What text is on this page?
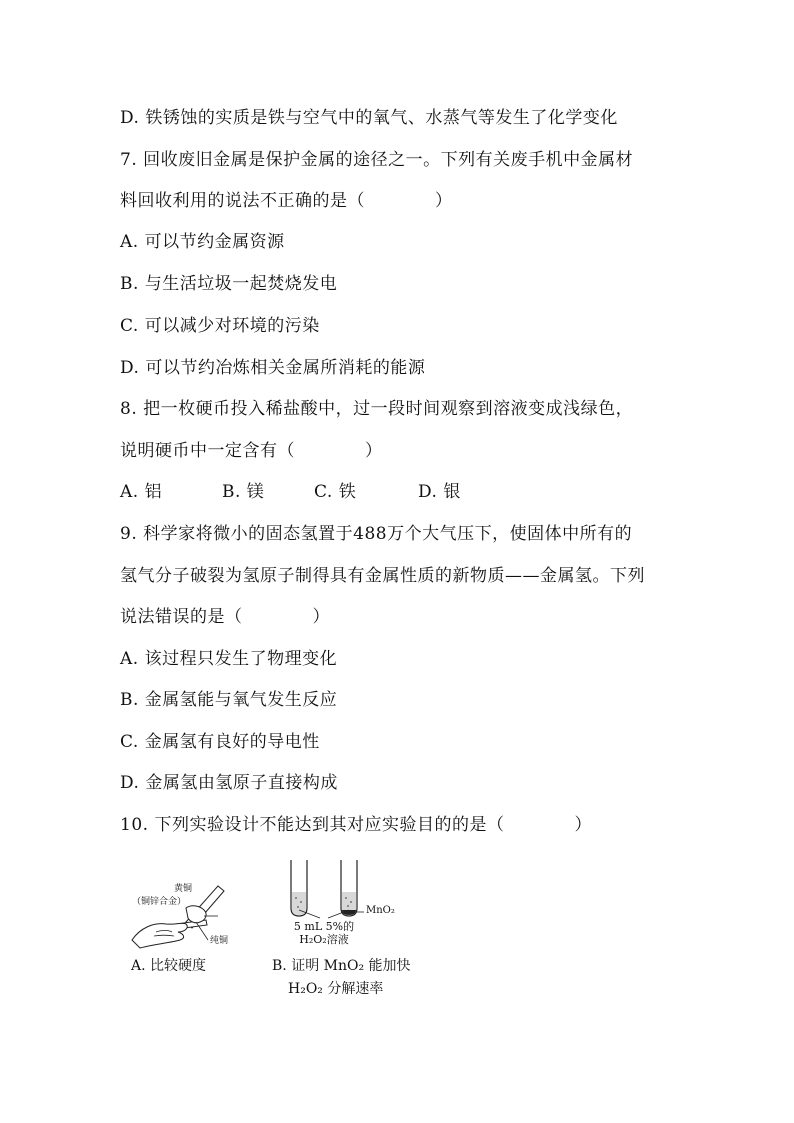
D. 铁锈蚀的实质是铁与空气中的氧气、水蒸气等发生了化学变化
7. 回收废旧金属是保护金属的途径之一。下列有关废手机中金属材
料回收利用的说法不正确的是（　　　　）
A. 可以节约金属资源
B. 与生活垃圾一起焚烧发电
C. 可以减少对环境的污染
D. 可以节约冶炼相关金属所消耗的能源
8. 把一枚硬币投入稀盐酸中，过一段时间观察到溶液变成浅绿色，
说明硬币中一定含有（　　　　）
A. 铝	B. 镁	C. 铁	D. 银
9. 科学家将微小的固态氢置于488万个大气压下，使固体中所有的
氢气分子破裂为氢原子制得具有金属性质的新物质——金属氢。下列
说法错误的是（　　　　）
A. 该过程只发生了物理变化
B. 金属氢能与氧气发生反应
C. 金属氢有良好的导电性
D. 金属氢由氢原子直接构成
10. 下列实验设计不能达到其对应实验目的的是（　　　　）
黄铜
（铜锌合金）
纯铜
A. 比较硬度
MnO₂
5 mL 5%的
H₂O₂溶液
B. 证明 MnO₂ 能加快
H₂O₂ 分解速率
